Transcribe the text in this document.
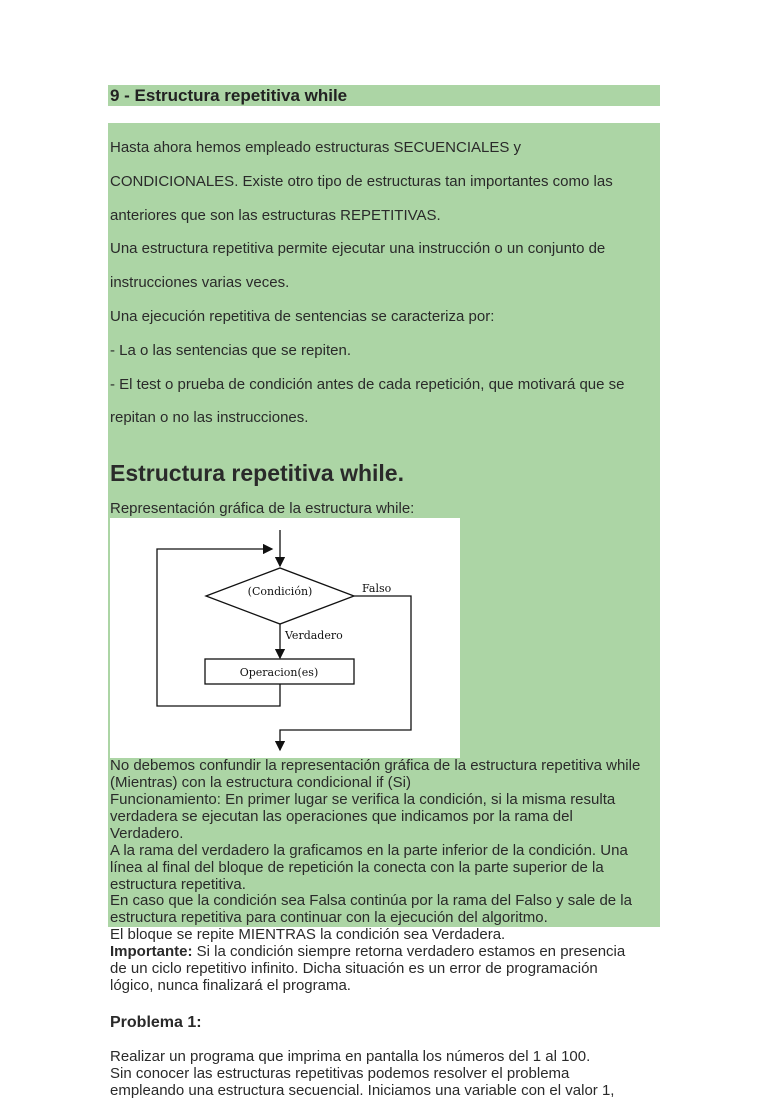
9 - Estructura repetitiva while

Hasta ahora hemos empleado estructuras SECUENCIALES y

CONDICIONALES. Existe otro tipo de estructuras tan importantes como las

anteriores que son las estructuras REPETITIVAS.

Una estructura repetitiva permite ejecutar una instrucción o un conjunto de

instrucciones varias veces.

Una ejecución repetitiva de sentencias se caracteriza por:

- La o las sentencias que se repiten.

- El test o prueba de condición antes de cada repetición, que motivará que se

repitan o no las instrucciones.

Estructura repetitiva while.

Representación gráfica de la estructura while:

(Condición)	Falso
Verdadero
Operacion(es)

No debemos confundir la representación gráfica de la estructura repetitiva while
(Mientras) con la estructura condicional if (Si)
Funcionamiento: En primer lugar se verifica la condición, si la misma resulta
verdadera se ejecutan las operaciones que indicamos por la rama del
Verdadero.
A la rama del verdadero la graficamos en la parte inferior de la condición. Una
línea al final del bloque de repetición la conecta con la parte superior de la
estructura repetitiva.
En caso que la condición sea Falsa continúa por la rama del Falso y sale de la
estructura repetitiva para continuar con la ejecución del algoritmo.
El bloque se repite MIENTRAS la condición sea Verdadera.
Importante: Si la condición siempre retorna verdadero estamos en presencia
de un ciclo repetitivo infinito. Dicha situación es un error de programación
lógico, nunca finalizará el programa.

Problema 1:

Realizar un programa que imprima en pantalla los números del 1 al 100.
Sin conocer las estructuras repetitivas podemos resolver el problema
empleando una estructura secuencial. Iniciamos una variable con el valor 1,
